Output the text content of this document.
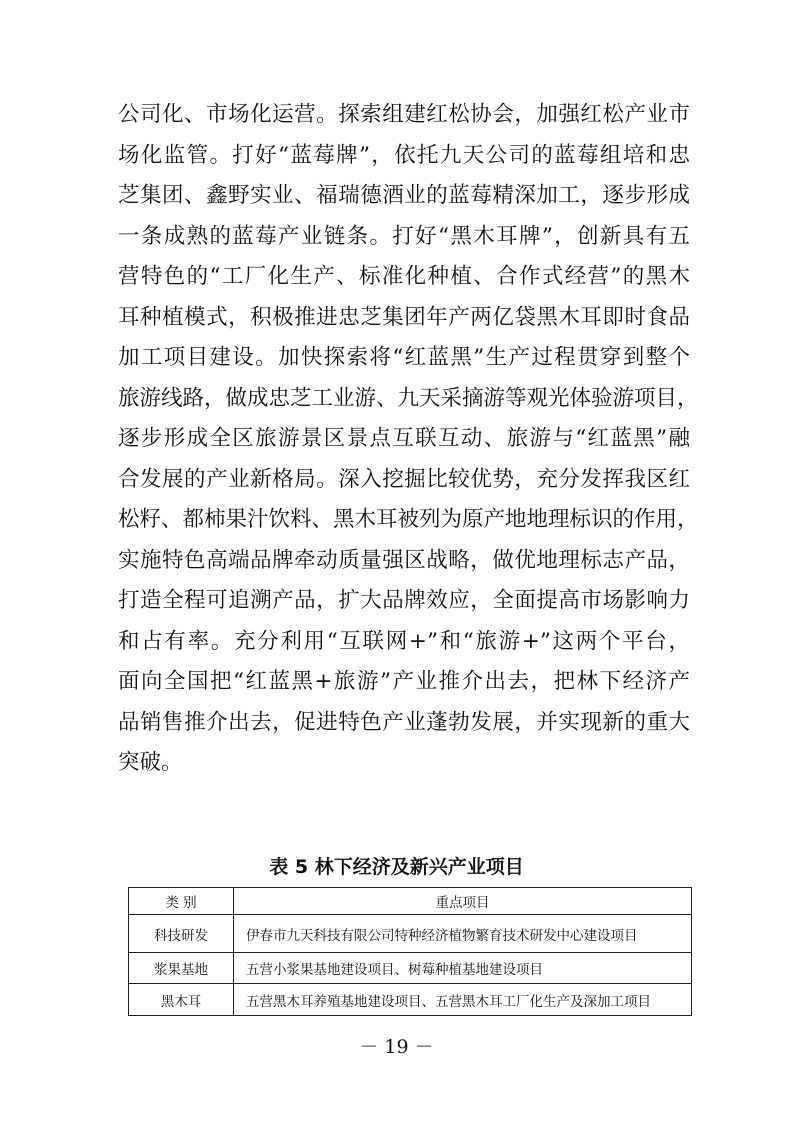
公司化、市场化运营。探索组建红松协会，加强红松产业市
场化监管。打好“蓝莓牌”，依托九天公司的蓝莓组培和忠
芝集团、鑫野实业、福瑞德酒业的蓝莓精深加工，逐步形成
一条成熟的蓝莓产业链条。打好“黑木耳牌”，创新具有五
营特色的“工厂化生产、标准化种植、合作式经营”的黑木
耳种植模式，积极推进忠芝集团年产两亿袋黑木耳即时食品
加工项目建设。加快探索将“红蓝黑”生产过程贯穿到整个
旅游线路，做成忠芝工业游、九天采摘游等观光体验游项目，
逐步形成全区旅游景区景点互联互动、旅游与“红蓝黑”融
合发展的产业新格局。深入挖掘比较优势，充分发挥我区红
松籽、都柿果汁饮料、黑木耳被列为原产地地理标识的作用，
实施特色高端品牌牵动质量强区战略，做优地理标志产品，
打造全程可追溯产品，扩大品牌效应，全面提高市场影响力
和占有率。充分利用“互联网+”和“旅游+”这两个平台，
面向全国把“红蓝黑+旅游”产业推介出去，把林下经济产
品销售推介出去，促进特色产业蓬勃发展，并实现新的重大
突破。
表 5 林下经济及新兴产业项目
类 别	重点项目
科技研发	伊春市九天科技有限公司特种经济植物繁育技术研发中心建设项目
浆果基地	五营小浆果基地建设项目、树莓种植基地建设项目
黑木耳	五营黑木耳养殖基地建设项目、五营黑木耳工厂化生产及深加工项目
－ 19 －
